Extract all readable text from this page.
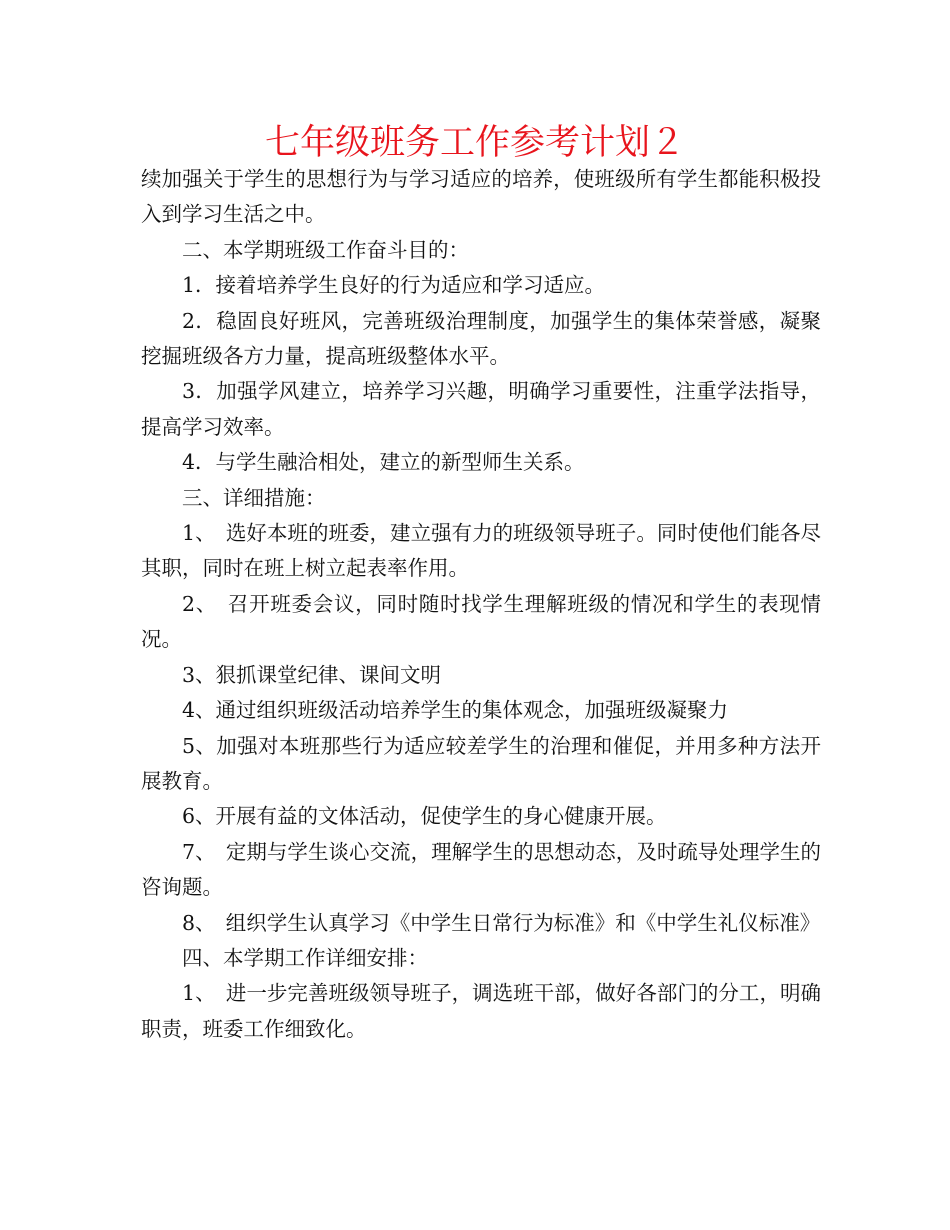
七年级班务工作参考计划２

续加强关于学生的思想行为与学习适应的培养，使班级所有学生都能积极投入到学习生活之中。

二、本学期班级工作奋斗目的：

1．接着培养学生良好的行为适应和学习适应。

2．稳固良好班风，完善班级治理制度，加强学生的集体荣誉感，凝聚挖掘班级各方力量，提高班级整体水平。

3．加强学风建立，培养学习兴趣，明确学习重要性，注重学法指导，提高学习效率。

4．与学生融洽相处，建立的新型师生关系。

三、详细措施：

1、　选好本班的班委，建立强有力的班级领导班子。同时使他们能各尽其职，同时在班上树立起表率作用。

2、　召开班委会议，同时随时找学生理解班级的情况和学生的表现情况。

3、狠抓课堂纪律、课间文明

4、通过组织班级活动培养学生的集体观念，加强班级凝聚力

5、加强对本班那些行为适应较差学生的治理和催促，并用多种方法开展教育。

6、开展有益的文体活动，促使学生的身心健康开展。

7、　定期与学生谈心交流，理解学生的思想动态，及时疏导处理学生的咨询题。

8、　组织学生认真学习《中学生日常行为标准》和《中学生礼仪标准》

四、本学期工作详细安排：

1、　进一步完善班级领导班子，调选班干部，做好各部门的分工，明确职责，班委工作细致化。
